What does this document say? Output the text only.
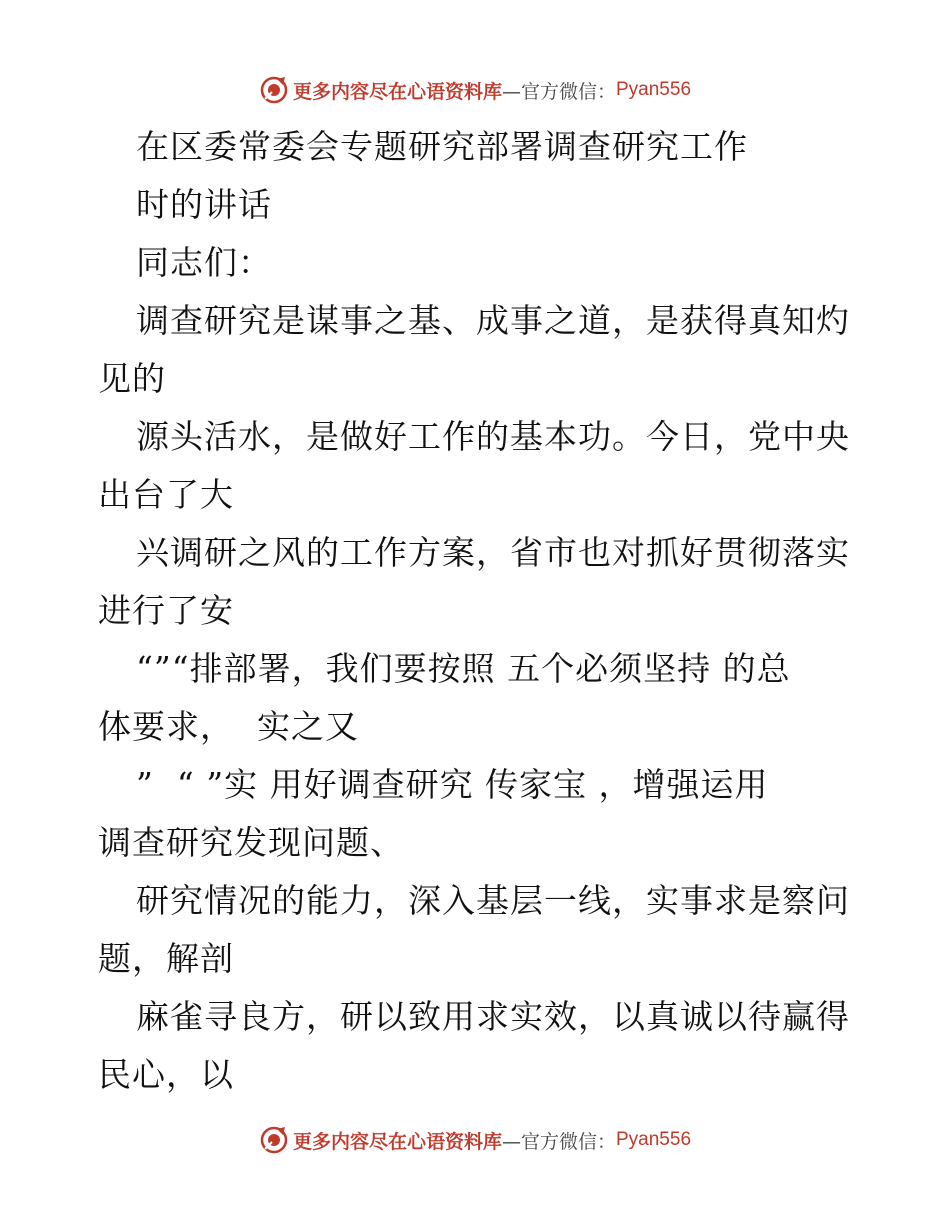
更多内容尽在心语资料库 —官方微信： Pyan556
在区委常委会专题研究部署调查研究工作
时的讲话
同志们：
调查研究是谋事之基、成事之道，是获得真知灼
见的
源头活水，是做好工作的基本功。今日，党中央
出台了大
兴调研之风的工作方案，省市也对抓好贯彻落实
进行了安
“”“排部署，我们要按照 五个必须坚持 的总
体要求，  实之又
”  “ ”实 用好调查研究 传家宝 ，增强运用
调查研究发现问题、
研究情况的能力，深入基层一线，实事求是察问
题，解剖
麻雀寻良方，研以致用求实效，以真诚以待赢得
民心，以
更多内容尽在心语资料库 —官方微信： Pyan556
